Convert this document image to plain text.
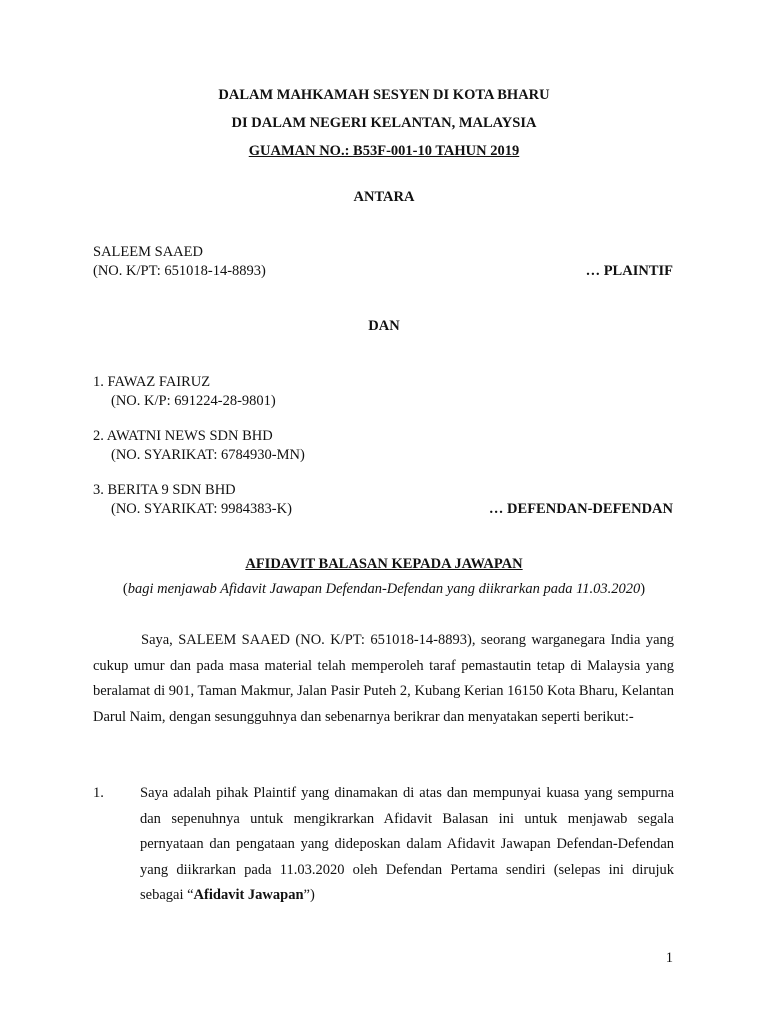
DALAM MAHKAMAH SESYEN DI KOTA BHARU
DI DALAM NEGERI KELANTAN, MALAYSIA
GUAMAN NO.: B53F-001-10 TAHUN 2019
ANTARA
SALEEM SAAED
(NO. K/PT: 651018-14-8893)	… PLAINTIF
DAN
1. FAWAZ FAIRUZ
(NO. K/P: 691224-28-9801)
2. AWATNI NEWS SDN BHD
(NO. SYARIKAT: 6784930-MN)
3. BERITA 9 SDN BHD
(NO. SYARIKAT: 9984383-K)	… DEFENDAN-DEFENDAN
AFIDAVIT BALASAN KEPADA JAWAPAN
(bagi menjawab Afidavit Jawapan Defendan-Defendan yang diikrarkan pada 11.03.2020)
Saya, SALEEM SAAED (NO. K/PT: 651018-14-8893), seorang warganegara India yang cukup umur dan pada masa material telah memperoleh taraf pemastautin tetap di Malaysia yang beralamat di 901, Taman Makmur, Jalan Pasir Puteh 2, Kubang Kerian 16150 Kota Bharu, Kelantan Darul Naim, dengan sesungguhnya dan sebenarnya berikrar dan menyatakan seperti berikut:-
1. Saya adalah pihak Plaintif yang dinamakan di atas dan mempunyai kuasa yang sempurna dan sepenuhnya untuk mengikrarkan Afidavit Balasan ini untuk menjawab segala pernyataan dan pengataan yang dideposkan dalam Afidavit Jawapan Defendan-Defendan yang diikrarkan pada 11.03.2020 oleh Defendan Pertama sendiri (selepas ini dirujuk sebagai “Afidavit Jawapan”)
1
